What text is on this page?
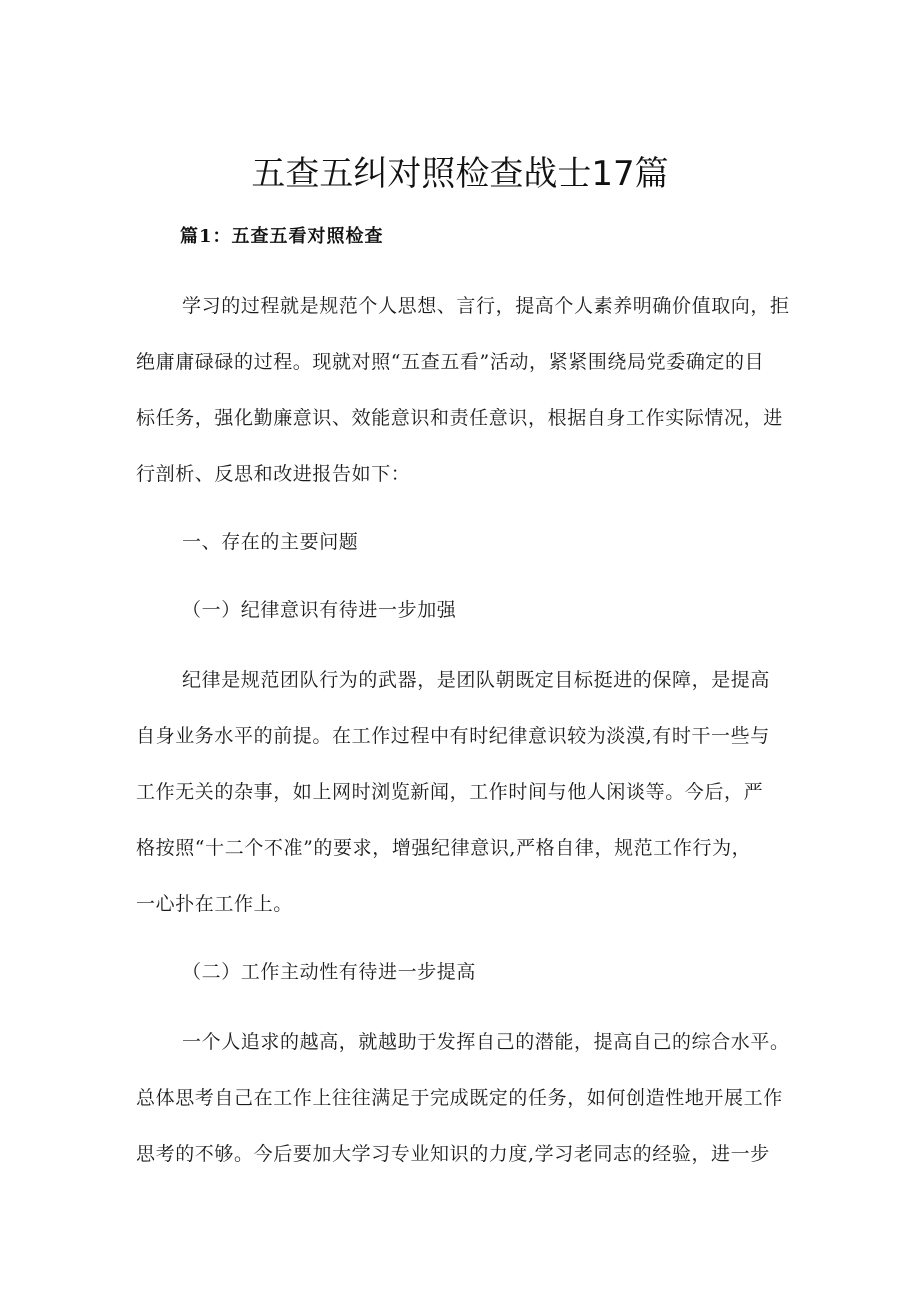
五查五纠对照检查战士17篇
篇1：五查五看对照检查

学习的过程就是规范个人思想、言行，提高个人素养明确价值取向，拒

绝庸庸碌碌的过程。现就对照“五查五看”活动，紧紧围绕局党委确定的目

标任务，强化勤廉意识、效能意识和责任意识，根据自身工作实际情况，进

行剖析、反思和改进报告如下：

一、存在的主要问题

（一）纪律意识有待进一步加强

纪律是规范团队行为的武器，是团队朝既定目标挺进的保障，是提高

自身业务水平的前提。在工作过程中有时纪律意识较为淡漠,有时干一些与

工作无关的杂事，如上网时浏览新闻，工作时间与他人闲谈等。今后，严

格按照“十二个不准”的要求，增强纪律意识,严格自律，规范工作行为，

一心扑在工作上。

（二）工作主动性有待进一步提高

一个人追求的越高，就越助于发挥自己的潜能，提高自己的综合水平。

总体思考自己在工作上往往满足于完成既定的任务，如何创造性地开展工作

思考的不够。今后要加大学习专业知识的力度,学习老同志的经验，进一步
